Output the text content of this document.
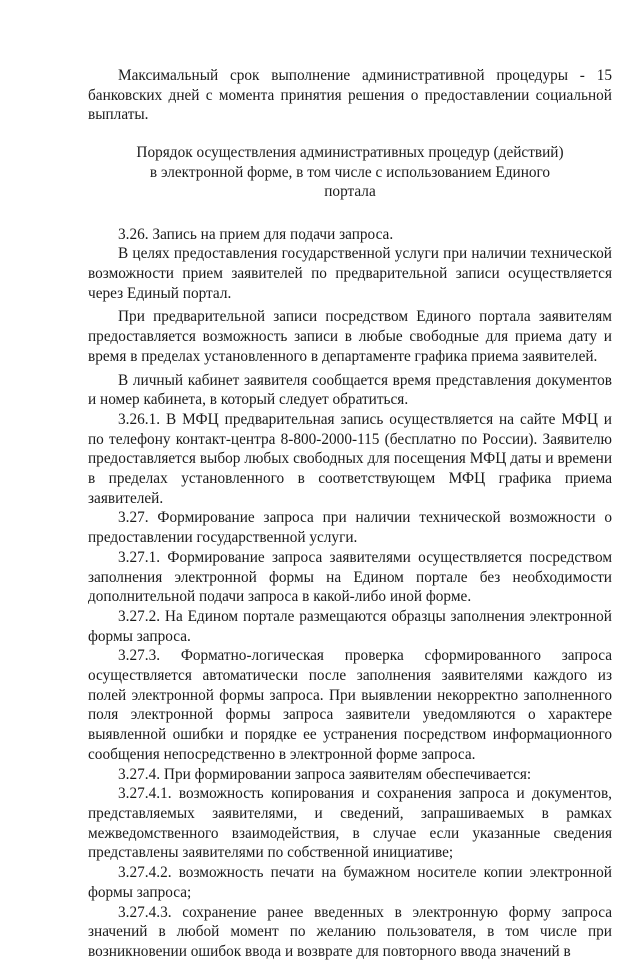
Максимальный срок выполнение административной процедуры - 15 банковских дней с момента принятия решения о предоставлении социальной выплаты.

Порядок осуществления административных процедур (действий)
в электронной форме, в том числе с использованием Единого
портала

3.26. Запись на прием для подачи запроса.

В целях предоставления государственной услуги при наличии технической возможности прием заявителей по предварительной записи осуществляется через Единый портал.

При предварительной записи посредством Единого портала заявителям предоставляется возможность записи в любые свободные для приема дату и время в пределах установленного в департаменте графика приема заявителей.

В личный кабинет заявителя сообщается время представления документов и номер кабинета, в который следует обратиться.

3.26.1. В МФЦ предварительная запись осуществляется на сайте МФЦ и по телефону контакт-центра 8-800-2000-115 (бесплатно по России). Заявителю предоставляется выбор любых свободных для посещения МФЦ даты и времени в пределах установленного в соответствующем МФЦ графика приема заявителей.

3.27. Формирование запроса при наличии технической возможности о предоставлении государственной услуги.

3.27.1. Формирование запроса заявителями осуществляется посредством заполнения электронной формы на Едином портале без необходимости дополнительной подачи запроса в какой-либо иной форме.

3.27.2. На Едином портале размещаются образцы заполнения электронной формы запроса.

3.27.3. Форматно-логическая проверка сформированного запроса осуществляется автоматически после заполнения заявителями каждого из полей электронной формы запроса. При выявлении некорректно заполненного поля электронной формы запроса заявители уведомляются о характере выявленной ошибки и порядке ее устранения посредством информационного сообщения непосредственно в электронной форме запроса.

3.27.4. При формировании запроса заявителям обеспечивается:

3.27.4.1. возможность копирования и сохранения запроса и документов, представляемых заявителями, и сведений, запрашиваемых в рамках межведомственного взаимодействия, в случае если указанные сведения представлены заявителями по собственной инициативе;

3.27.4.2. возможность печати на бумажном носителе копии электронной формы запроса;

3.27.4.3. сохранение ранее введенных в электронную форму запроса значений в любой момент по желанию пользователя, в том числе при возникновении ошибок ввода и возврате для повторного ввода значений в
